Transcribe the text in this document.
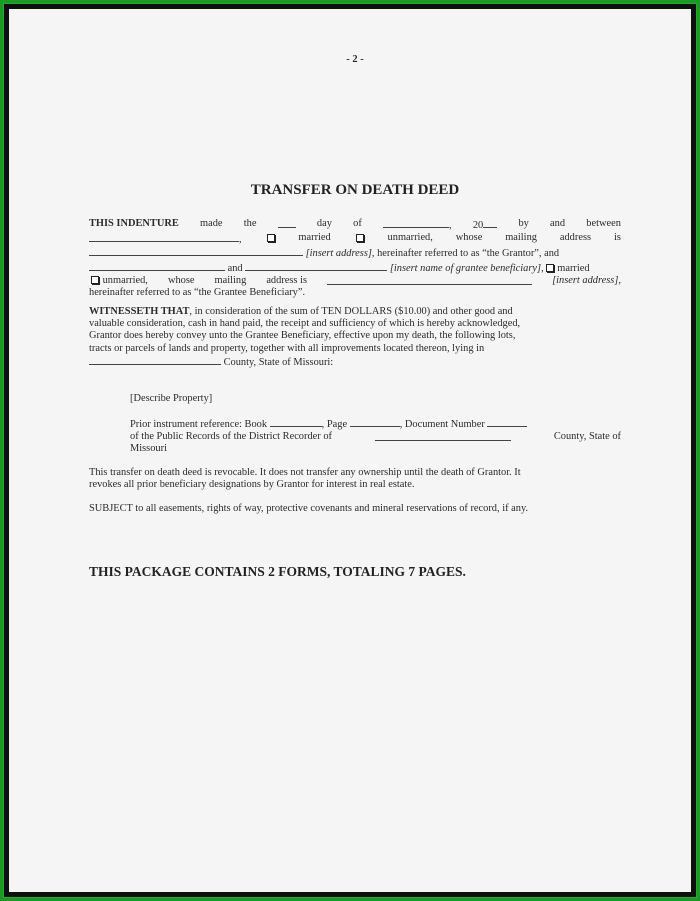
- 2 -
TRANSFER ON DEATH DEED
THIS INDENTURE made the	day of	, 20	by and between
,	married	unmarried, whose mailing address is
[insert address], hereinafter referred to as “the Grantor”, and
and	[insert name of grantee beneficiary], married
unmarried, whose mailing address is	[insert address],
hereinafter referred to as “the Grantee Beneficiary”.
WITNESSETH THAT, in consideration of the sum of TEN DOLLARS ($10.00) and other good and
valuable consideration, cash in hand paid, the receipt and sufficiency of which is hereby acknowledged,
Grantor does hereby convey unto the Grantee Beneficiary, effective upon my death, the following lots,
tracts or parcels of lands and property, together with all improvements located thereon, lying in
County, State of Missouri:
[Describe Property]
Prior instrument reference: Book	, Page	, Document Number
of the Public Records of the District Recorder of	County, State of
Missouri
This transfer on death deed is revocable. It does not transfer any ownership until the death of Grantor. It
revokes all prior beneficiary designations by Grantor for interest in real estate.
SUBJECT to all easements, rights of way, protective covenants and mineral reservations of record, if any.
THIS PACKAGE CONTAINS 2 FORMS, TOTALING 7 PAGES.
